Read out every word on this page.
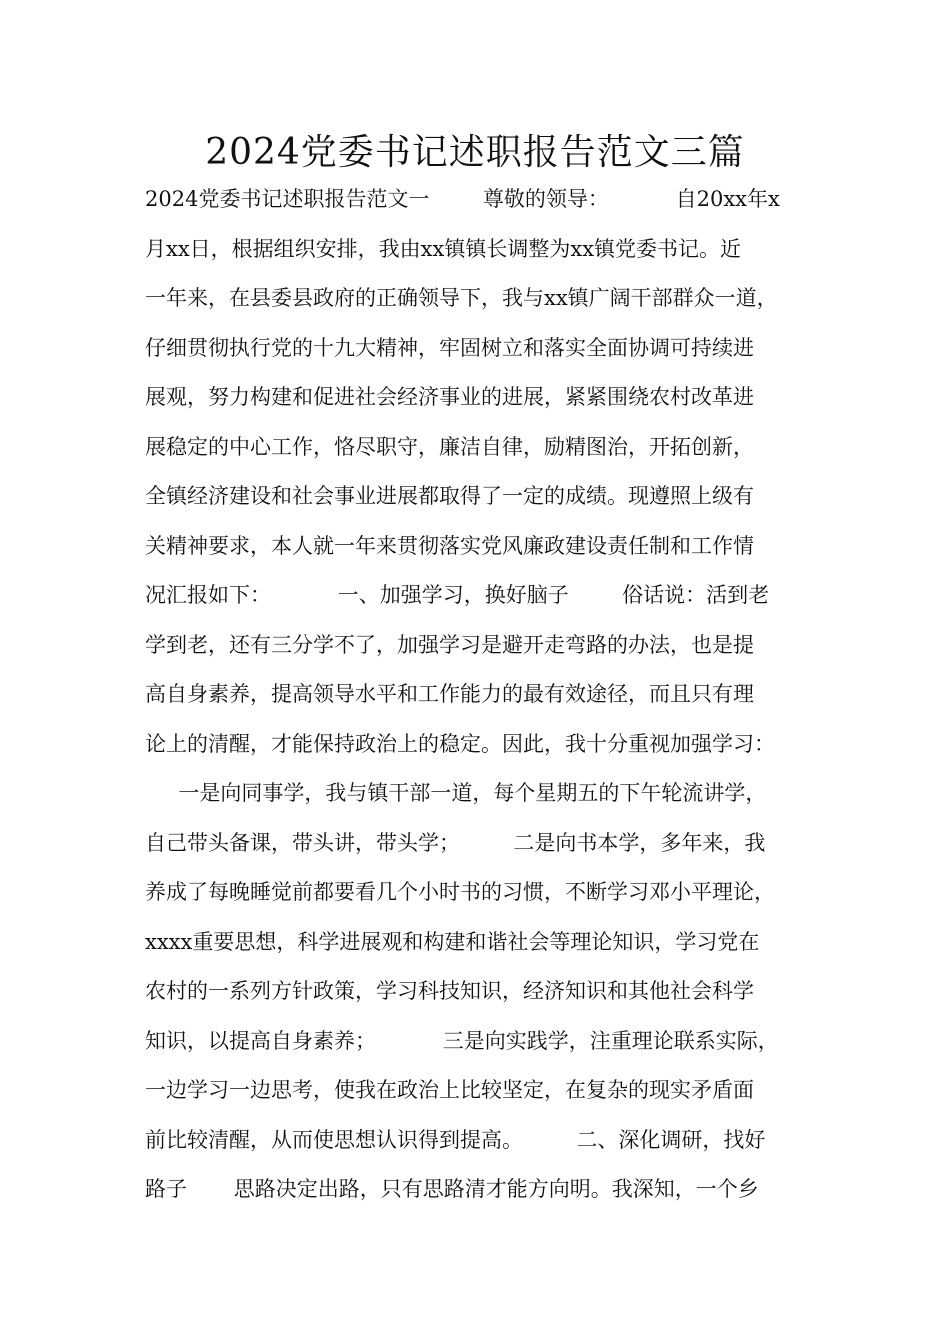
2024党委书记述职报告范文三篇
2024党委书记述职报告范文一        尊敬的领导：          自20xx年x
月xx日，根据组织安排，我由xx镇镇长调整为xx镇党委书记。近
一年来，在县委县政府的正确领导下，我与xx镇广阔干部群众一道，
仔细贯彻执行党的十九大精神，牢固树立和落实全面协调可持续进
展观，努力构建和促进社会经济事业的进展，紧紧围绕农村改革进
展稳定的中心工作，恪尽职守，廉洁自律，励精图治，开拓创新，
全镇经济建设和社会事业进展都取得了一定的成绩。现遵照上级有
关精神要求，本人就一年来贯彻落实党风廉政建设责任制和工作情
况汇报如下：          一、加强学习，换好脑子        俗话说：活到老
学到老，还有三分学不了，加强学习是避开走弯路的办法，也是提
高自身素养，提高领导水平和工作能力的最有效途径，而且只有理
论上的清醒，才能保持政治上的稳定。因此，我十分重视加强学习：
一是向同事学，我与镇干部一道，每个星期五的下午轮流讲学，
自己带头备课，带头讲，带头学；        二是向书本学，多年来，我
养成了每晚睡觉前都要看几个小时书的习惯，不断学习邓小平理论，
xxxx重要思想，科学进展观和构建和谐社会等理论知识，学习党在
农村的一系列方针政策，学习科技知识，经济知识和其他社会科学
知识，以提高自身素养；          三是向实践学，注重理论联系实际，
一边学习一边思考，使我在政治上比较坚定，在复杂的现实矛盾面
前比较清醒，从而使思想认识得到提高。        二、深化调研，找好
路子       思路决定出路，只有思路清才能方向明。我深知，一个乡
